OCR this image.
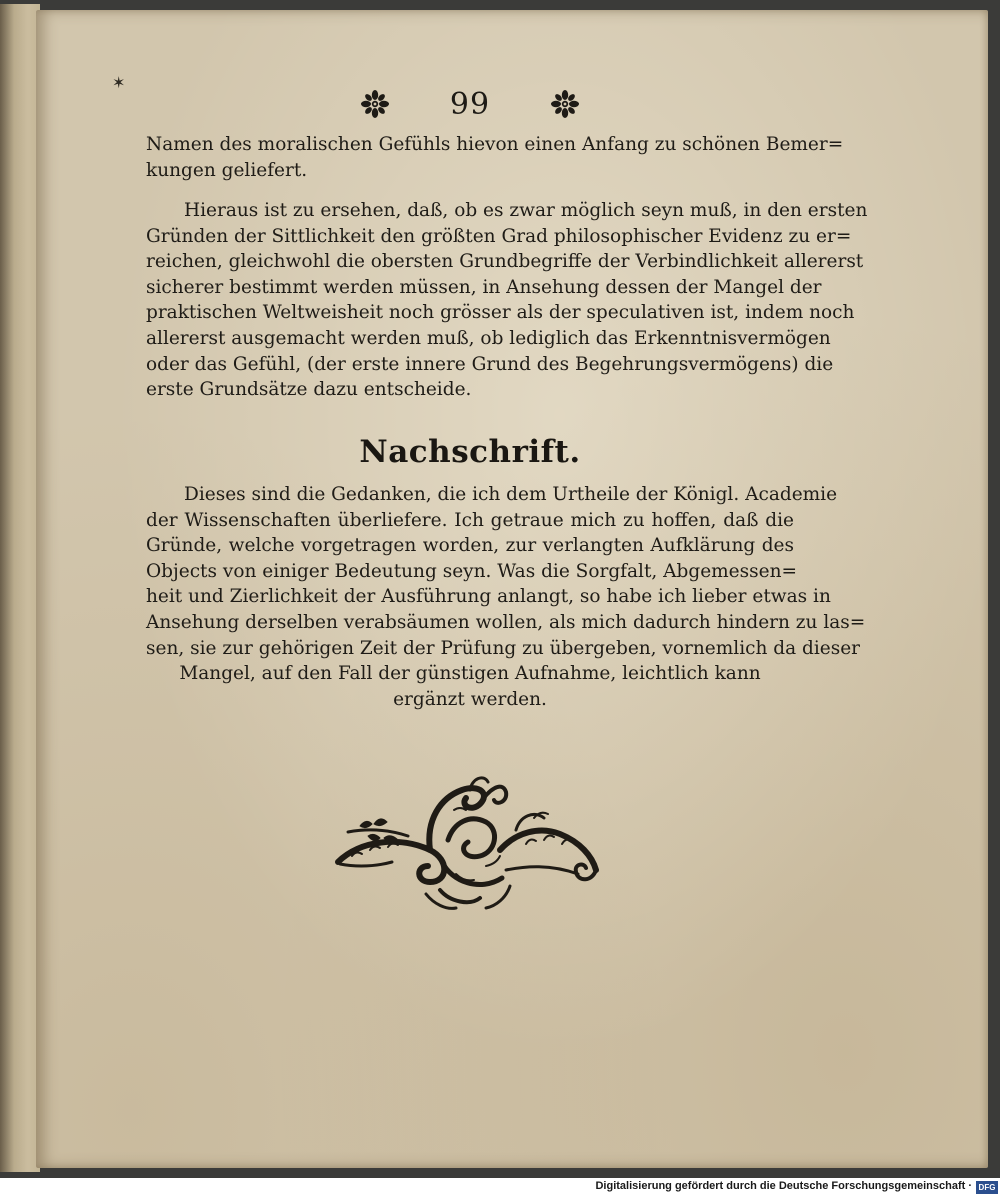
✶
99
Namen des moralischen Gefühls hievon einen Anfang zu schönen Bemer=
kungen geliefert.
Hieraus ist zu ersehen, daß, ob es zwar möglich seyn muß, in den ersten
Gründen der Sittlichkeit den größten Grad philosophischer Evidenz zu er=
reichen, gleichwohl die obersten Grundbegriffe der Verbindlichkeit allererst
sicherer bestimmt werden müssen, in Ansehung dessen der Mangel der
praktischen Weltweisheit noch grösser als der speculativen ist, indem noch
allererst ausgemacht werden muß, ob lediglich das Erkenntnisvermögen
oder das Gefühl, (der erste innere Grund des Begehrungsvermögens) die
erste Grundsätze dazu entscheide.
Nachschrift.
Dieses sind die Gedanken, die ich dem Urtheile der Königl. Academie
der Wissenschaften überliefere. Ich getraue mich zu hoffen, daß die
Gründe, welche vorgetragen worden, zur verlangten Aufklärung des
Objects von einiger Bedeutung seyn. Was die Sorgfalt, Abgemessen=
heit und Zierlichkeit der Ausführung anlangt, so habe ich lieber etwas in
Ansehung derselben verabsäumen wollen, als mich dadurch hindern zu las=
sen, sie zur gehörigen Zeit der Prüfung zu übergeben, vornemlich da dieser
Mangel, auf den Fall der günstigen Aufnahme, leichtlich kann
ergänzt werden.
Digitalisierung gefördert durch die Deutsche Forschungsgemeinschaft · DFG
